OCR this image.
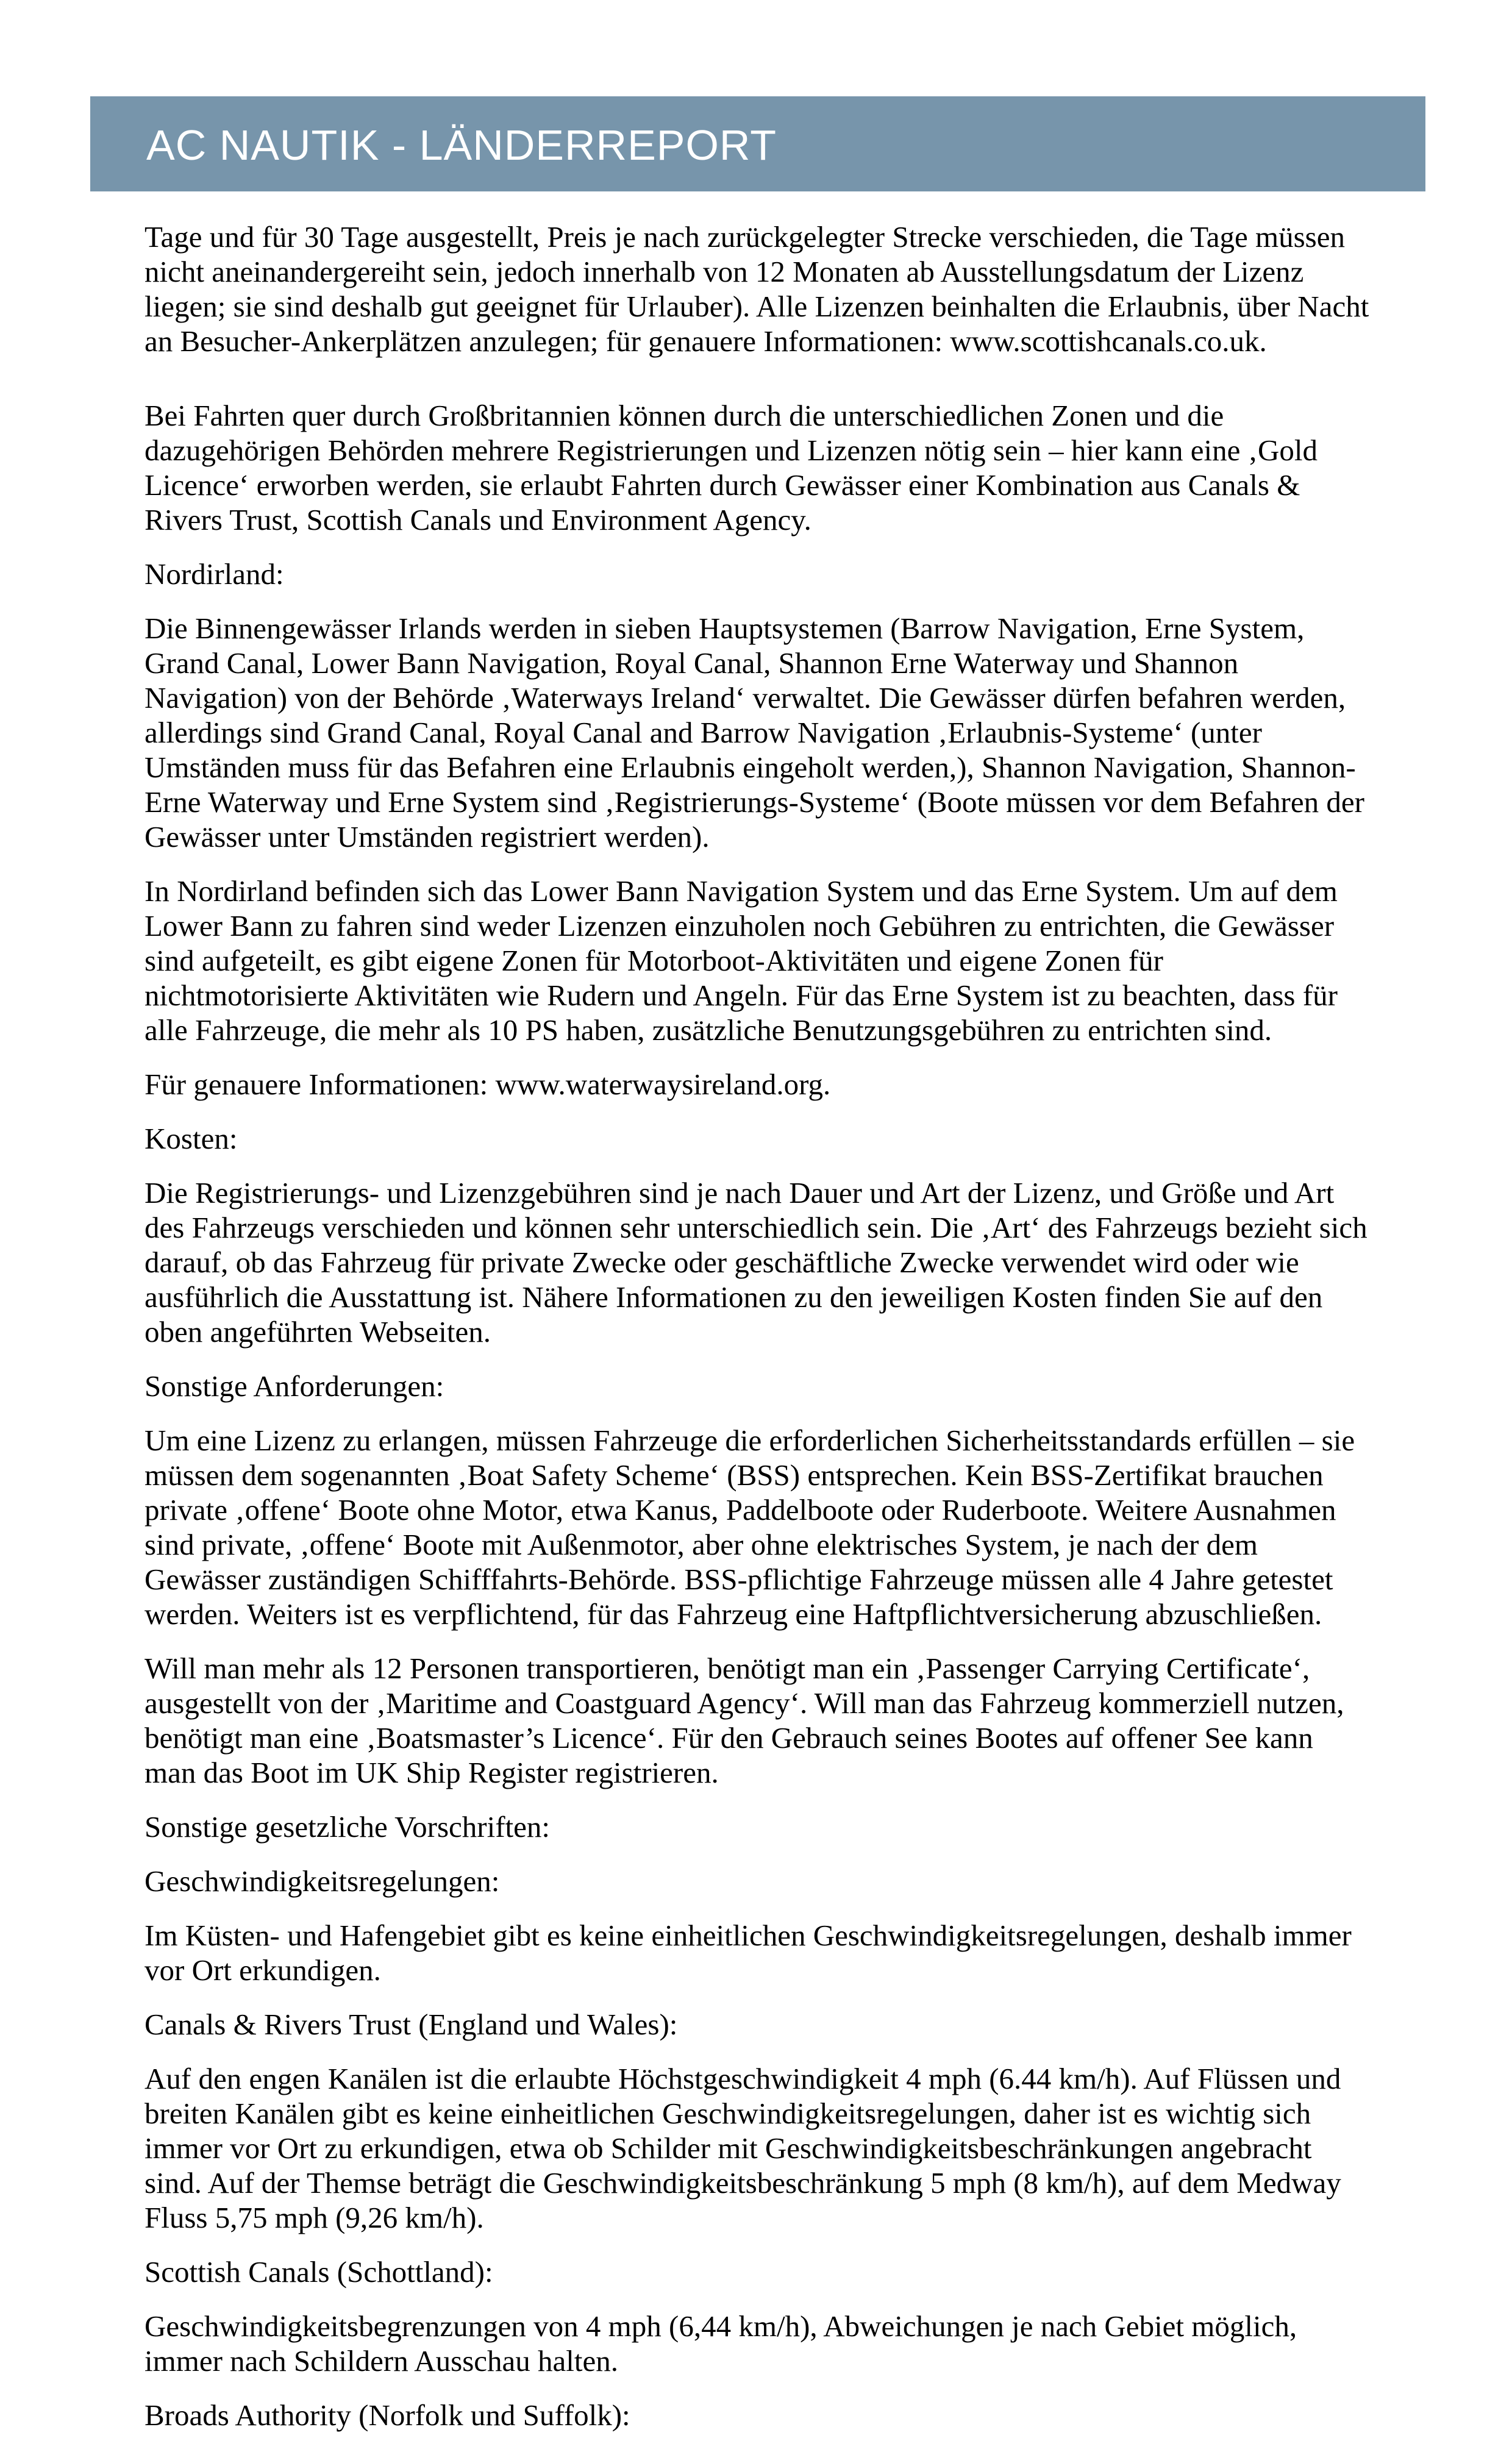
AC NAUTIK - LÄNDERREPORT

Tage und für 30 Tage ausgestellt, Preis je nach zurückgelegter Strecke verschieden, die Tage müssen nicht aneinandergereiht sein, jedoch innerhalb von 12 Monaten ab Ausstellungsdatum der Lizenz liegen; sie sind deshalb gut geeignet für Urlauber). Alle Lizenzen beinhalten die Erlaubnis, über Nacht an Besucher-Ankerplätzen anzulegen; für genauere Informationen: www.scottishcanals.co.uk.

Bei Fahrten quer durch Großbritannien können durch die unterschiedlichen Zonen und die dazugehörigen Behörden mehrere Registrierungen und Lizenzen nötig sein – hier kann eine ‚Gold Licence‘ erworben werden, sie erlaubt Fahrten durch Gewässer einer Kombination aus Canals & Rivers Trust, Scottish Canals und Environment Agency.

Nordirland:

Die Binnengewässer Irlands werden in sieben Hauptsystemen (Barrow Navigation, Erne System, Grand Canal, Lower Bann Navigation, Royal Canal, Shannon Erne Waterway und Shannon Navigation) von der Behörde ‚Waterways Ireland‘ verwaltet. Die Gewässer dürfen befahren werden, allerdings sind Grand Canal, Royal Canal and Barrow Navigation ‚Erlaubnis-Systeme‘ (unter Umständen muss für das Befahren eine Erlaubnis eingeholt werden,), Shannon Navigation, Shannon-Erne Waterway und Erne System sind ‚Registrierungs-Systeme‘ (Boote müssen vor dem Befahren der Gewässer unter Umständen registriert werden).

In Nordirland befinden sich das Lower Bann Navigation System und das Erne System. Um auf dem Lower Bann zu fahren sind weder Lizenzen einzuholen noch Gebühren zu entrichten, die Gewässer sind aufgeteilt, es gibt eigene Zonen für Motorboot-Aktivitäten und eigene Zonen für nichtmotorisierte Aktivitäten wie Rudern und Angeln. Für das Erne System ist zu beachten, dass für alle Fahrzeuge, die mehr als 10 PS haben, zusätzliche Benutzungsgebühren zu entrichten sind.

Für genauere Informationen: www.waterwaysireland.org.

Kosten:

Die Registrierungs- und Lizenzgebühren sind je nach Dauer und Art der Lizenz, und Größe und Art des Fahrzeugs verschieden und können sehr unterschiedlich sein. Die ‚Art‘ des Fahrzeugs bezieht sich darauf, ob das Fahrzeug für private Zwecke oder geschäftliche Zwecke verwendet wird oder wie ausführlich die Ausstattung ist. Nähere Informationen zu den jeweiligen Kosten finden Sie auf den oben angeführten Webseiten.

Sonstige Anforderungen:

Um eine Lizenz zu erlangen, müssen Fahrzeuge die erforderlichen Sicherheitsstandards erfüllen – sie müssen dem sogenannten ‚Boat Safety Scheme‘ (BSS) entsprechen. Kein BSS-Zertifikat brauchen private ‚offene‘ Boote ohne Motor, etwa Kanus, Paddelboote oder Ruderboote. Weitere Ausnahmen sind private, ‚offene‘ Boote mit Außenmotor, aber ohne elektrisches System, je nach der dem Gewässer zuständigen Schifffahrts-Behörde. BSS-pflichtige Fahrzeuge müssen alle 4 Jahre getestet werden. Weiters ist es verpflichtend, für das Fahrzeug eine Haftpflichtversicherung abzuschließen.

Will man mehr als 12 Personen transportieren, benötigt man ein ‚Passenger Carrying Certificate‘, ausgestellt von der ‚Maritime and Coastguard Agency‘. Will man das Fahrzeug kommerziell nutzen, benötigt man eine ‚Boatsmaster’s Licence‘. Für den Gebrauch seines Bootes auf offener See kann man das Boot im UK Ship Register registrieren.

Sonstige gesetzliche Vorschriften:

Geschwindigkeitsregelungen:

Im Küsten- und Hafengebiet gibt es keine einheitlichen Geschwindigkeitsregelungen, deshalb immer vor Ort erkundigen.

Canals & Rivers Trust (England und Wales):

Auf den engen Kanälen ist die erlaubte Höchstgeschwindigkeit 4 mph (6.44 km/h). Auf Flüssen und breiten Kanälen gibt es keine einheitlichen Geschwindigkeitsregelungen, daher ist es wichtig sich immer vor Ort zu erkundigen, etwa ob Schilder mit Geschwindigkeitsbeschränkungen angebracht sind. Auf der Themse beträgt die Geschwindigkeitsbeschränkung 5 mph (8 km/h), auf dem Medway Fluss 5,75 mph (9,26 km/h).

Scottish Canals (Schottland):

Geschwindigkeitsbegrenzungen von 4 mph (6,44 km/h), Abweichungen je nach Gebiet möglich, immer nach Schildern Ausschau halten.

Broads Authority (Norfolk und Suffolk):
